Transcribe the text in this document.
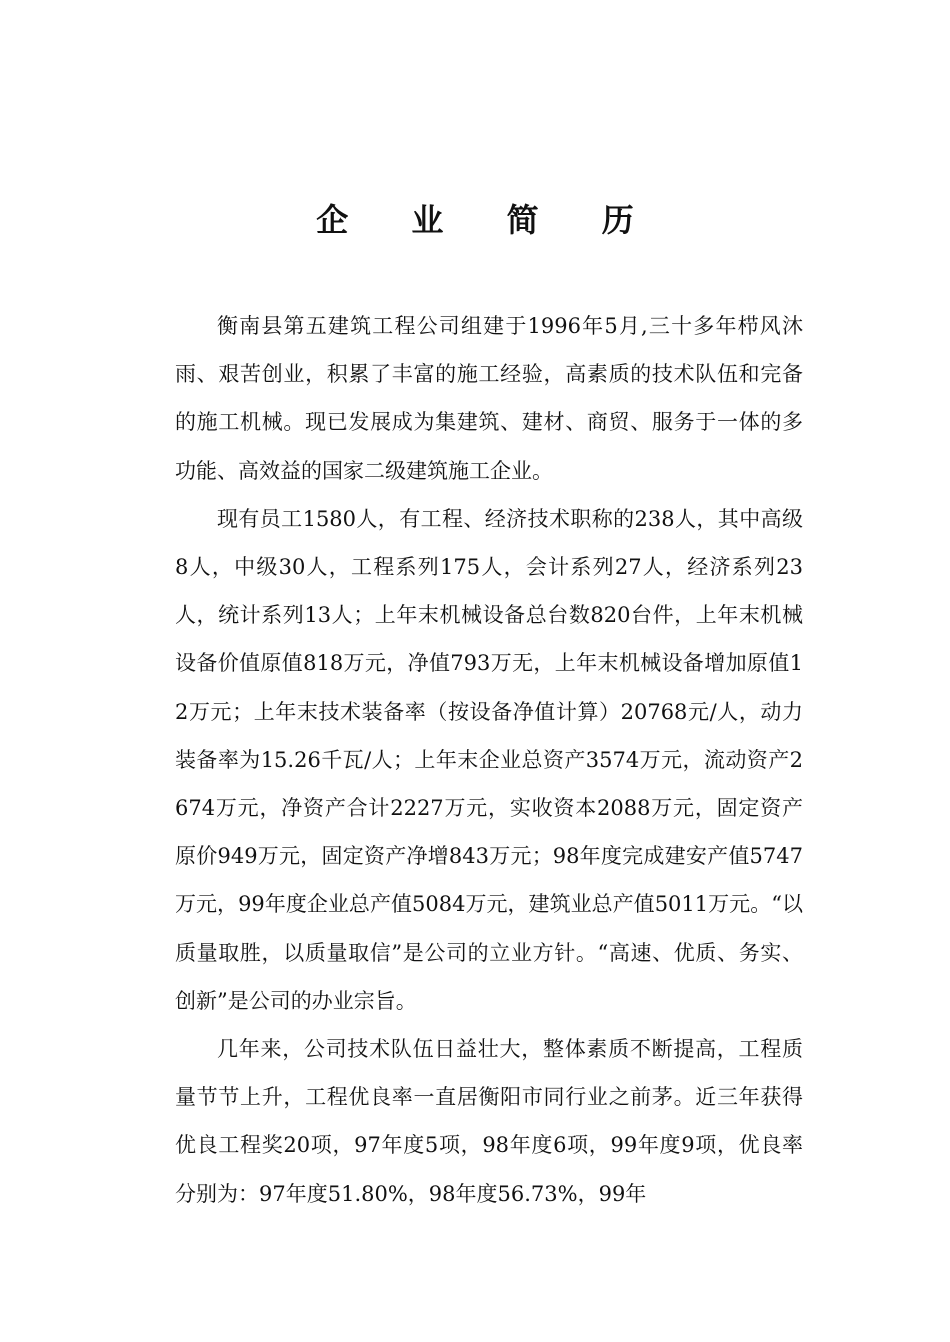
企 业 简 历

衡南县第五建筑工程公司组建于1996年5月,三十多年栉风沐雨、艰苦创业，积累了丰富的施工经验，高素质的技术队伍和完备的施工机械。现已发展成为集建筑、建材、商贸、服务于一体的多功能、高效益的国家二级建筑施工企业。

现有员工1580人，有工程、经济技术职称的238人，其中高级8人，中级30人，工程系列175人，会计系列27人，经济系列23人，统计系列13人；上年末机械设备总台数820台件，上年末机械设备价值原值818万元，净值793万无，上年末机械设备增加原值12万元；上年末技术装备率（按设备净值计算）20768元/人，动力装备率为15.26千瓦/人；上年末企业总资产3574万元，流动资产2674万元，净资产合计2227万元，实收资本2088万元，固定资产原价949万元，固定资产净增843万元；98年度完成建安产值5747万元，99年度企业总产值5084万元，建筑业总产值5011万元。“以质量取胜，以质量取信”是公司的立业方针。“高速、优质、务实、创新”是公司的办业宗旨。

几年来，公司技术队伍日益壮大，整体素质不断提高，工程质量节节上升，工程优良率一直居衡阳市同行业之前茅。近三年获得优良工程奖20项，97年度5项，98年度6项，99年度9项，优良率分别为：97年度51.80%，98年度56.73%，99年
